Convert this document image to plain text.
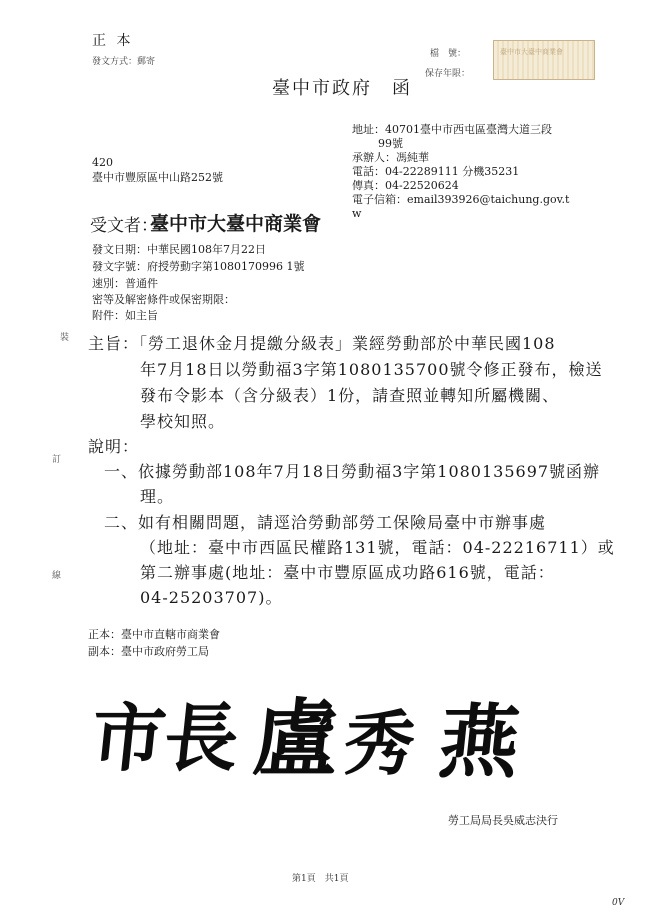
正 本
發文方式：郵寄
檔　號：
保存年限：
臺中市大臺中商業會
臺中市政府　函
地址：40701臺中市西屯區臺灣大道三段
99號
承辦人：馮純華
電話：04-22289111 分機35231
傳真：04-22520624
電子信箱：email393926@taichung.gov.t
w
420
臺中市豐原區中山路252號
受文者：
臺中市大臺中商業會
發文日期：中華民國108年7月22日
發文字號：府授勞動字第1080170996 1號
速別：普通件
密等及解密條件或保密期限：
附件：如主旨
裝
訂
線
主旨：「勞工退休金月提繳分級表」業經勞動部於中華民國108
年7月18日以勞動福3字第1080135700號令修正發布，檢送
發布令影本（含分級表）1份，請查照並轉知所屬機關、
學校知照。
說明：
一、依據勞動部108年7月18日勞動福3字第1080135697號函辦
理。
二、如有相關問題，請逕洽勞動部勞工保險局臺中市辦事處
（地址：臺中市西區民權路131號，電話：04-22216711）或
第二辦事處(地址：臺中市豐原區成功路616號，電話：
04-25203707)。
正本：臺中市直轄市商業會
副本：臺中市政府勞工局
市
長 盧
秀 燕
勞工局局長吳威志決行
第1頁　共1頁
0V
